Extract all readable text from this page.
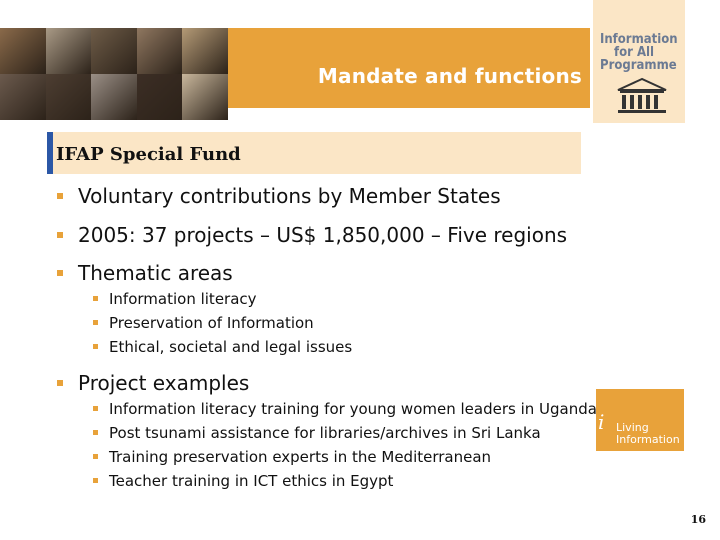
Mandate and functions
Information
for All
Programme
IFAP Special Fund
Voluntary contributions by Member States
2005: 37 projects – US$ 1,850,000 – Five regions
Thematic areas
Information literacy
Preservation of Information
Ethical, societal and legal issues
i Living
Information
Project examples
Information literacy training for young women leaders in Uganda
Post tsunami assistance for libraries/archives in Sri Lanka
Training preservation experts in the Mediterranean
Teacher training in ICT ethics in Egypt
16
